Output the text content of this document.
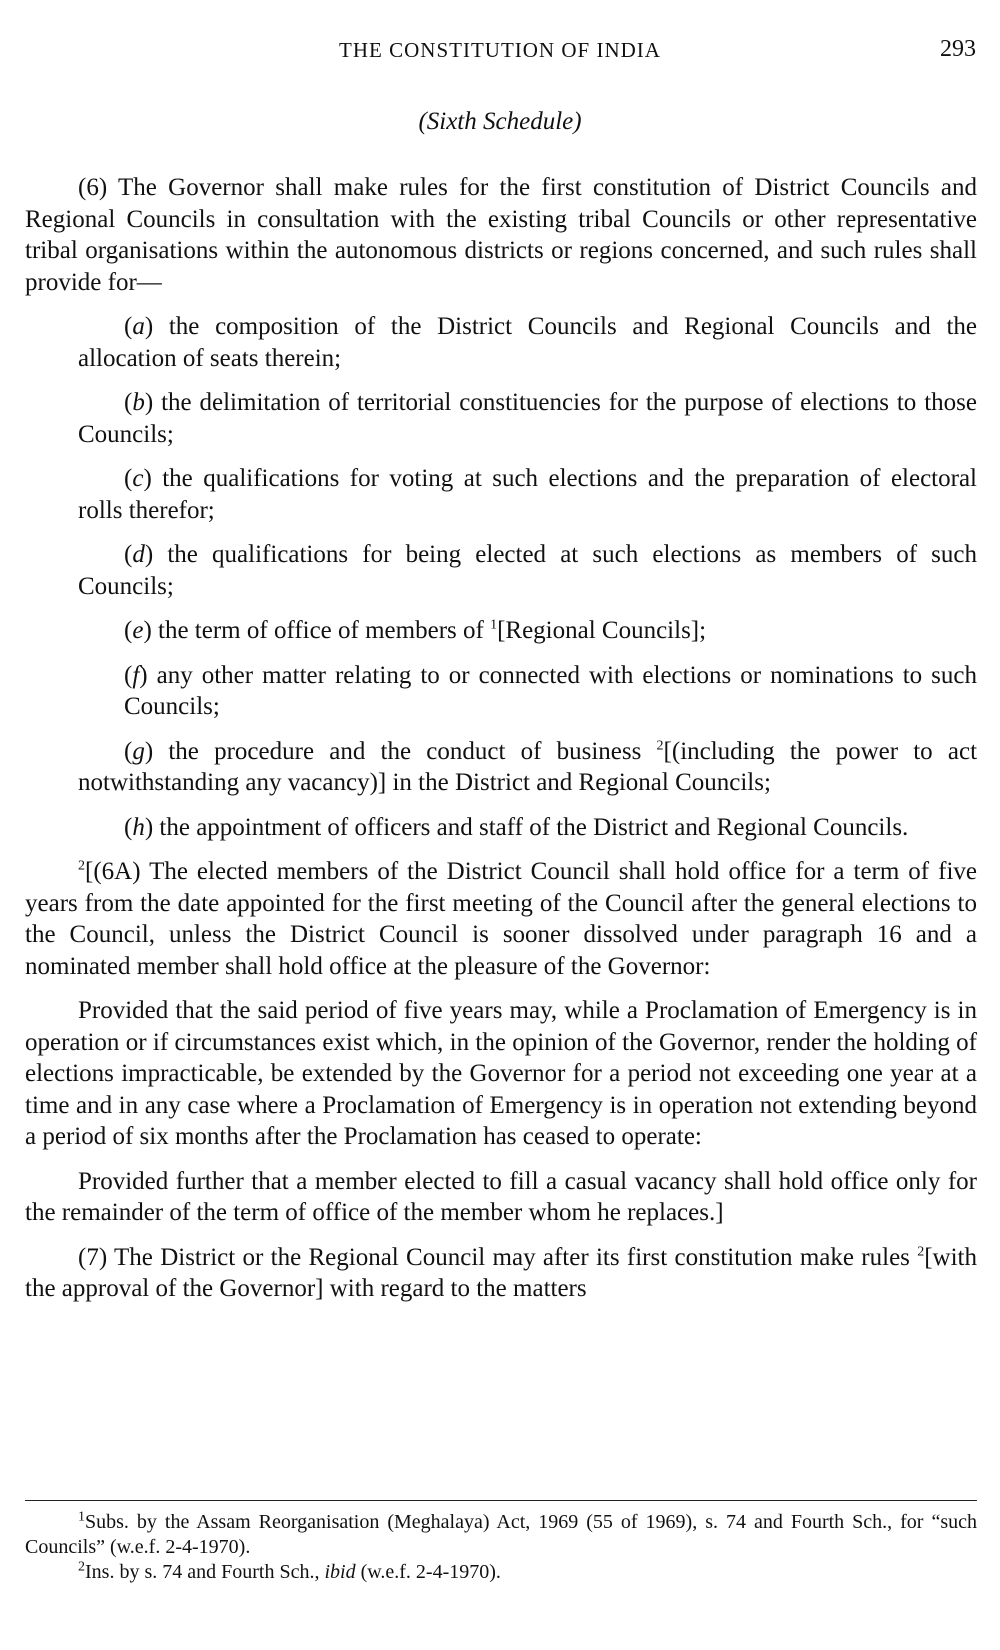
THE CONSTITUTION OF INDIA	293
(Sixth Schedule)

(6) The Governor shall make rules for the first constitution of District Councils and Regional Councils in consultation with the existing tribal Councils or other representative tribal organisations within the autonomous districts or regions concerned, and such rules shall provide for—

(a) the composition of the District Councils and Regional Councils and the allocation of seats therein;

(b) the delimitation of territorial constituencies for the purpose of elections to those Councils;

(c) the qualifications for voting at such elections and the preparation of electoral rolls therefor;

(d) the qualifications for being elected at such elections as members of such Councils;

(e) the term of office of members of $^1$[Regional Councils];

(f) any other matter relating to or connected with elections or nominations to such Councils;

(g) the procedure and the conduct of business $^2$[(including the power to act notwithstanding any vacancy)] in the District and Regional Councils;

(h) the appointment of officers and staff of the District and Regional Councils.

$^2$[(6A) The elected members of the District Council shall hold office for a term of five years from the date appointed for the first meeting of the Council after the general elections to the Council, unless the District Council is sooner dissolved under paragraph 16 and a nominated member shall hold office at the pleasure of the Governor:

Provided that the said period of five years may, while a Proclamation of Emergency is in operation or if circumstances exist which, in the opinion of the Governor, render the holding of elections impracticable, be extended by the Governor for a period not exceeding one year at a time and in any case where a Proclamation of Emergency is in operation not extending beyond a period of six months after the Proclamation has ceased to operate:

Provided further that a member elected to fill a casual vacancy shall hold office only for the remainder of the term of office of the member whom he replaces.]

(7) The District or the Regional Council may after its first constitution make rules $^2$[with the approval of the Governor] with regard to the matters

$^1$Subs. by the Assam Reorganisation (Meghalaya) Act, 1969 (55 of 1969), s. 74 and Fourth Sch., for “such Councils” (w.e.f. 2-4-1970).

$^2$Ins. by s. 74 and Fourth Sch., ibid (w.e.f. 2-4-1970).
